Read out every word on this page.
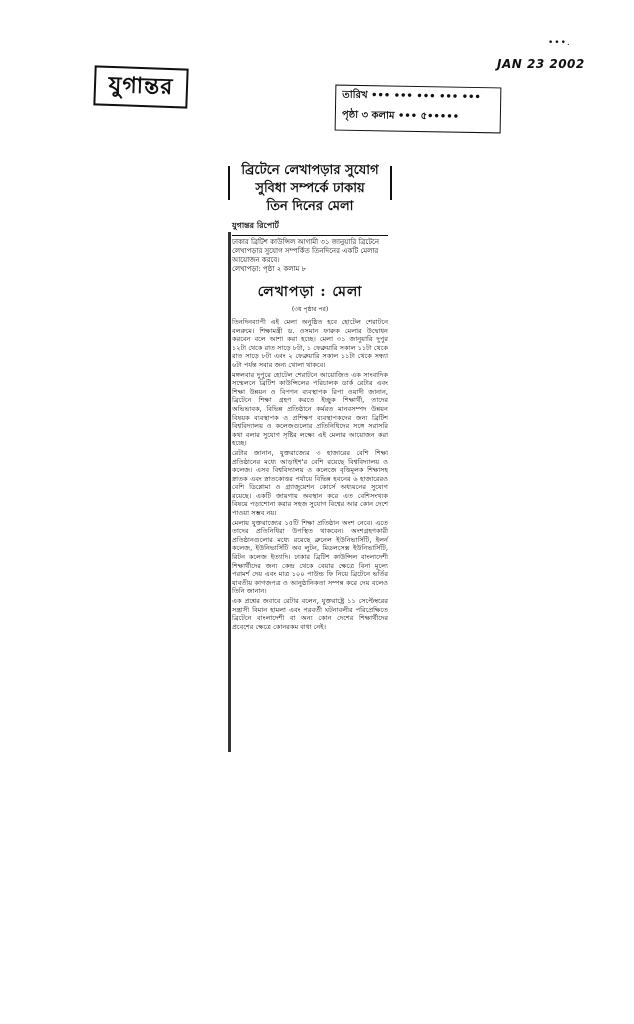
•••.
JAN 23 2002
যুগান্তর	তারিখ ••• ••• ••• ••• •••
পৃষ্ঠা ৩ কলাম ••• ৫•••••
ব্রিটেনে লেখাপড়ার সুযোগ
সুবিধা সম্পর্কে ঢাকায়
তিন দিনের মেলা
যুগান্তর রিপোর্ট
ঢাকার ব্রিটিশ কাউন্সিল আগামী ৩১ জানুয়ারি ব্রিটেনে লেখাপড়ার সুযোগ সম্পর্কিত তিনদিনের একটি মেলার আয়োজন করবে।
লেখাপড়া: পৃষ্ঠা ২ কলাম ৮
লেখাপড়া : মেলা
(৩য় পৃষ্ঠার পর)

তিনদিনব্যাপী এই মেলা অনুষ্ঠিত হবে হোটেল শেরাটনে বলরুমে। শিক্ষামন্ত্রী ড. ওসমান ফারুক মেলার উদ্বোধন করবেন বলে আশা করা হচ্ছে। মেলা ৩১ জানুয়ারি দুপুর ১২টা থেকে রাত সাড়ে ৮টা, ১ ফেব্রুয়ারি সকাল ১১টা থেকে রাত সাড়ে ৮টা এবং ২ ফেব্রুয়ারি সকাল ১১টা থেকে সন্ধ্যা ৬টা পর্যন্ত সবার জন্য খোলা থাকবে।

মঙ্গলবার দুপুরে হোটেল শেরাটনে আয়োজিত এক সাংবাদিক সম্মেলনে ব্রিটিশ কাউন্সিলের পরিচালক ডার্ক রেটার এবং শিক্ষা উন্নয়ন ও বিপণন ব্যবস্থাপক রিপা ওয়াদী জানান, ব্রিটেনে শিক্ষা গ্রহণ করতে ইচ্ছুক শিক্ষার্থী, তাদের অভিভাবক, বিভিন্ন প্রতিষ্ঠানে কর্মরত মানবসম্পদ উন্নয়ন বিষয়ক ব্যবস্থাপক ও প্রশিক্ষণ ব্যবস্থাপকদের জন্য ব্রিটিশ বিশ্ববিদ্যালয় ও কলেজগুলোর প্রতিনিধিদের সঙ্গে সরাসরি কথা বলার সুযোগ সৃষ্টির লক্ষ্যে এই মেলার আয়োজন করা হচ্ছে।

রেটার জানান, যুক্তরাজ্যের ৩ হাজারের বেশি শিক্ষা প্রতিষ্ঠানের মধ্যে আড়াইশ'র বেশি রয়েছে বিশ্ববিদ্যালয় ও কলেজ। এসব বিশ্ববিদ্যালয় ও কলেজে বৃত্তিমূলক শিক্ষাসহ স্নাতক এবং স্নাতকোত্তর পর্যায়ে বিভিন্ন হবনের ৬ হাজারেরও বেশি ডিপ্লোমা ও গ্র্যাজুয়েশন কোর্সে অধ্যয়নের সুযোগ রয়েছে। একটি জায়গায় অবস্থান করে এত বেশিসংখ্যক বিষয়ে পড়াশোনা করার সহজ সুযোগ বিশ্বের আর কোন দেশে পাওয়া সম্ভব নয়।

মেলায় যুক্তরাজ্যের ১৫টি শিক্ষা প্রতিষ্ঠান অংশ নেবে। এতে তাদের প্রতিনিধিরা উপস্থিত থাকবেন। অংশগ্রহণকারী প্রতিষ্ঠানগুলোর মধ্যে রয়েছে ব্রুনেল ইউনিভার্সিটি, ইলর্ন কলেজ, ইউনিভার্সিটি অব লুটন, মিডলসেক্স ইউনিভার্সিটি, রিটন কলেজ ইত্যাদি। ঢাকার ব্রিটিশ কাউন্সিল বাংলাদেশী শিক্ষার্থীদের জন্য কেন্দ্র থেকে বেয়ার ক্ষেত্রে বিনা মূল্যে পরামর্শ দেয় এবং মাত্র ১০০ পাউন্ড ফি নিয়ে ব্রিটেনে ভর্তির যাবতীয় কাগজপত্র ও আনুষ্ঠানিকতা সম্পন্ন করে দেয় বলেও তিনি জানান।

এক প্রশ্নের জবাবে রেটার বলেন, যুক্তরাষ্ট্রে ১১ সেপ্টেম্বরের সন্ত্রাসী বিমান হামলা এবং পরবর্তী ঘটনাবলীর পরিপ্রেক্ষিতে ব্রিটেনে বাংলাদেশী বা অন্য কোন দেশের শিক্ষার্থীদের প্রবেশের ক্ষেত্রে কোনরকম বাধা নেই।
